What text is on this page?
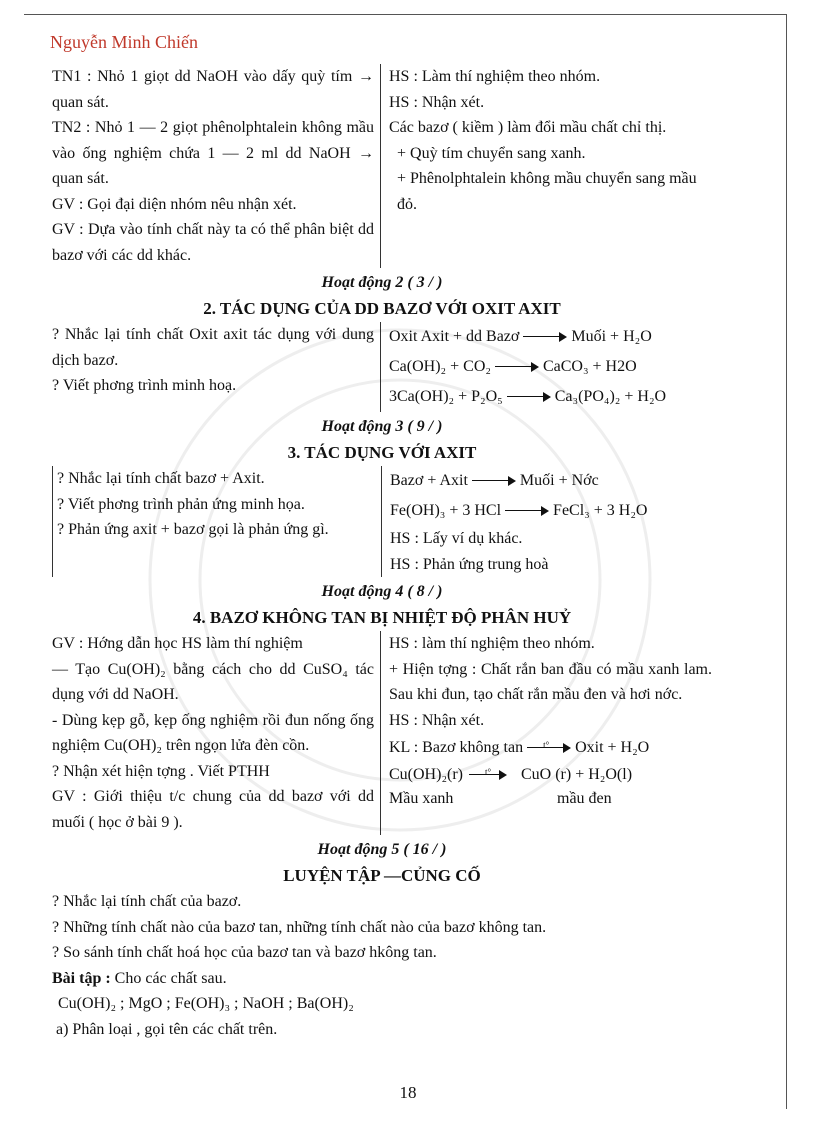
Nguyễn Minh Chiến

TN1 : Nhỏ 1 giọt dd NaOH vào dấy quỳ tím → quan sát.

TN2 : Nhỏ 1 — 2 giọt phênolphtalein không mầu vào ống nghiệm chứa 1 — 2 ml dd NaOH → quan sát.

GV : Gọi đại diện nhóm nêu nhận xét.

GV : Dựa vào tính chất này ta có thể phân biệt dd bazơ với các dd khác.

HS : Làm thí nghiệm theo nhóm.

HS : Nhận xét.

Các bazơ ( kiềm ) làm đổi mầu chất chỉ thị.

+ Quỳ tím chuyển sang xanh.

+ Phênolphtalein không mầu chuyển sang mầu đỏ.

Hoạt động 2 ( 3 / )

2. TÁC DỤNG CỦA DD BAZƠ VỚI OXIT AXIT

? Nhắc lại tính chất Oxit axit tác dụng với dung dịch bazơ.

? Viết phơng trình minh hoạ.

Oxit Axit + dd Bazơ	Muối + H₂O
Ca(OH)₂ + CO₂	CaCO₃ + H2O
3Ca(OH)₂ + P₂O₅	Ca₃(PO₄)₂ + H₂O

Hoạt động 3 ( 9 / )

3. TÁC DỤNG VỚI AXIT

? Nhắc lại tính chất bazơ + Axit.

? Viết phơng trình phản ứng minh họa.

? Phản ứng axit + bazơ gọi là phản ứng gì.

Bazơ + Axit	Muối + Nớc
Fe(OH)₃ + 3 HCl	FeCl₃ + 3 H₂O

HS : Lấy ví dụ khác.

HS : Phản ứng trung hoà

Hoạt động 4 ( 8 / )

4. BAZƠ KHÔNG TAN BỊ NHIỆT ĐỘ PHÂN HUỶ

GV : Hớng dẫn học HS làm thí nghiệm

— Tạo Cu(OH)₂ bằng cách cho dd CuSO₄ tác dụng với dd NaOH.

- Dùng kẹp gỗ, kẹp ống nghiệm rồi đun nống ống nghiệm Cu(OH)₂ trên ngọn lửa đèn cồn.

? Nhận xét hiện tợng . Viết PTHH

GV : Giới thiệu t/c chung của dd bazơ với dd muối ( học ở bài 9 ).

HS : làm thí nghiệm theo nhóm.

+ Hiện tợng : Chất rắn ban đầu có mầu xanh lam. Sau khi đun, tạo chất rắn mầu đen và hơi nớc.

HS : Nhận xét.

KL : Bazơ không tan t° Oxit + H₂O
Cu(OH)₂(r) t° CuO (r) + H₂O(l)
Mầu xanh	mầu đen

Hoạt động 5 ( 16 / )

LUYỆN TẬP —CỦNG CỐ

? Nhắc lại tính chất của bazơ.

? Những tính chất nào của bazơ tan, những tính chất nào của bazơ không tan.

? So sánh tính chất hoá học của bazơ tan và bazơ hkông tan.

Bài tập : Cho các chất sau.

Cu(OH)₂ ; MgO ; Fe(OH)₃ ; NaOH ; Ba(OH)₂

a) Phân loại , gọi tên các chất trên.

18
